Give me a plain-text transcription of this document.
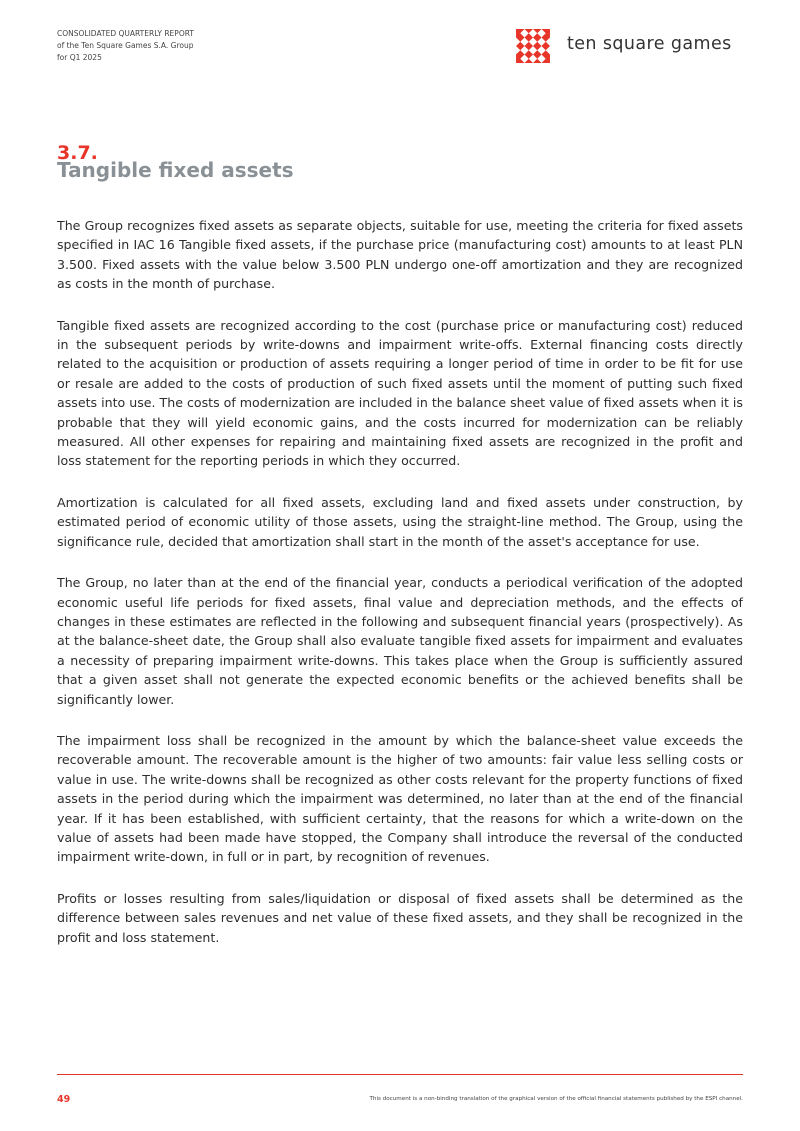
CONSOLIDATED QUARTERLY REPORT
of the Ten Square Games S.A. Group
for Q1 2025
ten square games
3.7.
Tangible fixed assets

The Group recognizes fixed assets as separate objects, suitable for use, meeting the criteria for fixed assets specified in IAC 16 Tangible fixed assets, if the purchase price (manufacturing cost) amounts to at least PLN 3.500. Fixed assets with the value below 3.500 PLN undergo one-off amortization and they are recognized as costs in the month of purchase.

Tangible fixed assets are recognized according to the cost (purchase price or manufacturing cost) reduced in the subsequent periods by write-downs and impairment write-offs. External financing costs directly related to the acquisition or production of assets requiring a longer period of time in order to be fit for use or resale are added to the costs of production of such fixed assets until the moment of putting such fixed assets into use. The costs of modernization are included in the balance sheet value of fixed assets when it is probable that they will yield economic gains, and the costs incurred for modernization can be reliably measured. All other expenses for repairing and maintaining fixed assets are recognized in the profit and loss statement for the reporting periods in which they occurred.

Amortization is calculated for all fixed assets, excluding land and fixed assets under construction, by estimated period of economic utility of those assets, using the straight-line method. The Group, using the significance rule, decided that amortization shall start in the month of the asset's acceptance for use.

The Group, no later than at the end of the financial year, conducts a periodical verification of the adopted economic useful life periods for fixed assets, final value and depreciation methods, and the effects of changes in these estimates are reflected in the following and subsequent financial years (prospectively). As at the balance-sheet date, the Group shall also evaluate tangible fixed assets for impairment and evaluates a necessity of preparing impairment write-downs. This takes place when the Group is sufficiently assured that a given asset shall not generate the expected economic benefits or the achieved benefits shall be significantly lower.

The impairment loss shall be recognized in the amount by which the balance-sheet value exceeds the recoverable amount. The recoverable amount is the higher of two amounts: fair value less selling costs or value in use. The write-downs shall be recognized as other costs relevant for the property functions of fixed assets in the period during which the impairment was determined, no later than at the end of the financial year. If it has been established, with sufficient certainty, that the reasons for which a write-down on the value of assets had been made have stopped, the Company shall introduce the reversal of the conducted impairment write-down, in full or in part, by recognition of revenues.

Profits or losses resulting from sales/liquidation or disposal of fixed assets shall be determined as the difference between sales revenues and net value of these fixed assets, and they shall be recognized in the profit and loss statement.

49	This document is a non-binding translation of the graphical version of the official financial statements published by the ESPI channel.
